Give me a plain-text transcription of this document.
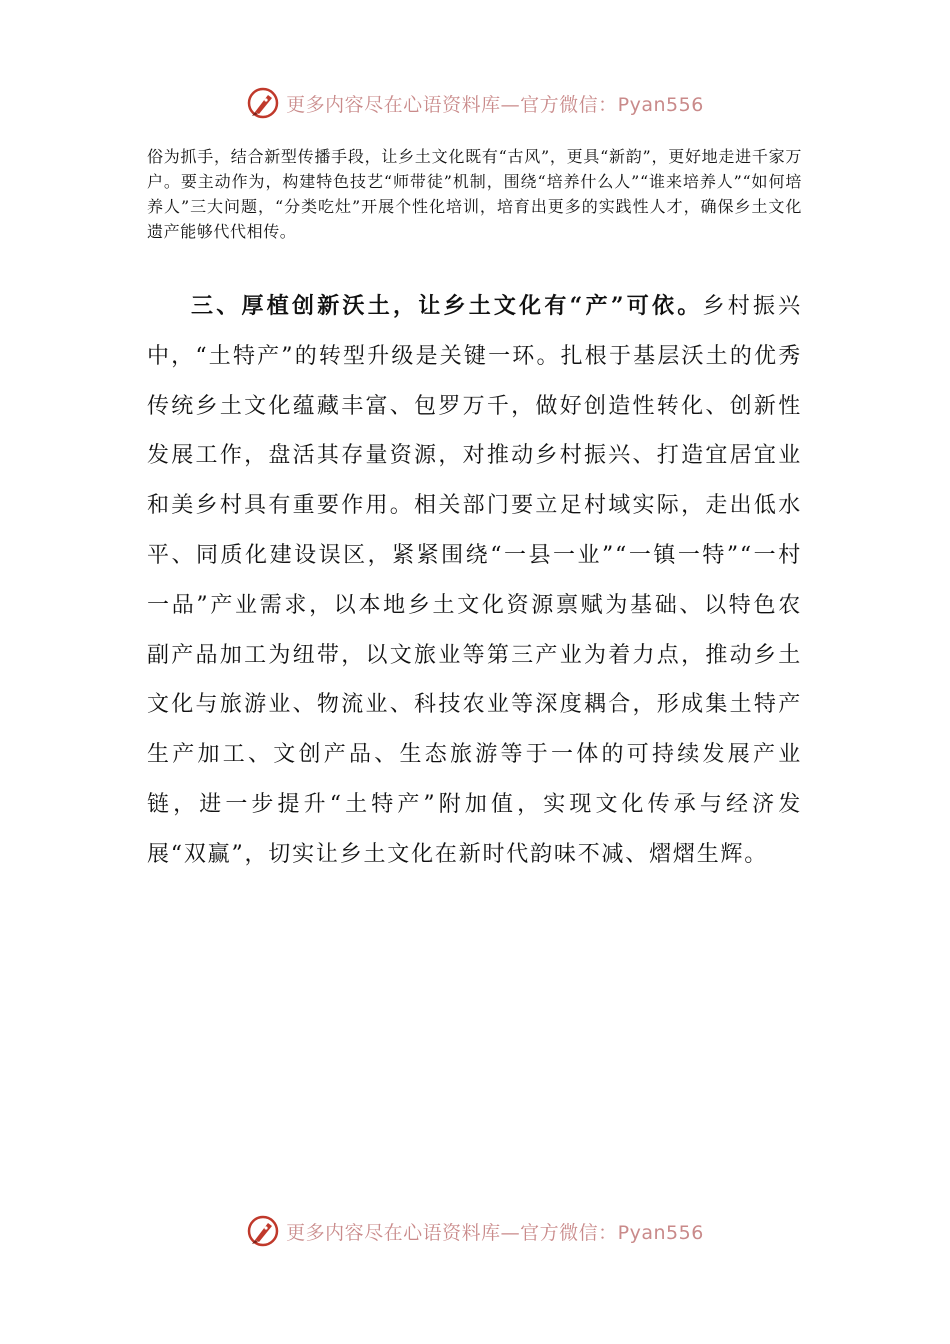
更多内容尽在心语资料库—官方微信：Pyan556

俗为抓手，结合新型传播手段，让乡土文化既有“古风”，更具“新韵”，更好地走进千家万户。要主动作为，构建特色技艺“师带徒”机制，围绕“培养什么人”“谁来培养人”“如何培养人”三大问题，“分类吃灶”开展个性化培训，培育出更多的实践性人才，确保乡土文化遗产能够代代相传。

三、厚植创新沃土，让乡土文化有“产”可依。乡村振兴中，“土特产”的转型升级是关键一环。扎根于基层沃土的优秀传统乡土文化蕴藏丰富、包罗万千，做好创造性转化、创新性发展工作，盘活其存量资源，对推动乡村振兴、打造宜居宜业和美乡村具有重要作用。相关部门要立足村域实际，走出低水平、同质化建设误区，紧紧围绕“一县一业”“一镇一特”“一村一品”产业需求，以本地乡土文化资源禀赋为基础、以特色农副产品加工为纽带，以文旅业等第三产业为着力点，推动乡土文化与旅游业、物流业、科技农业等深度耦合，形成集土特产生产加工、文创产品、生态旅游等于一体的可持续发展产业链，进一步提升“土特产”附加值，实现文化传承与经济发展“双赢”，切实让乡土文化在新时代韵味不减、熠熠生辉。

更多内容尽在心语资料库—官方微信：Pyan556
